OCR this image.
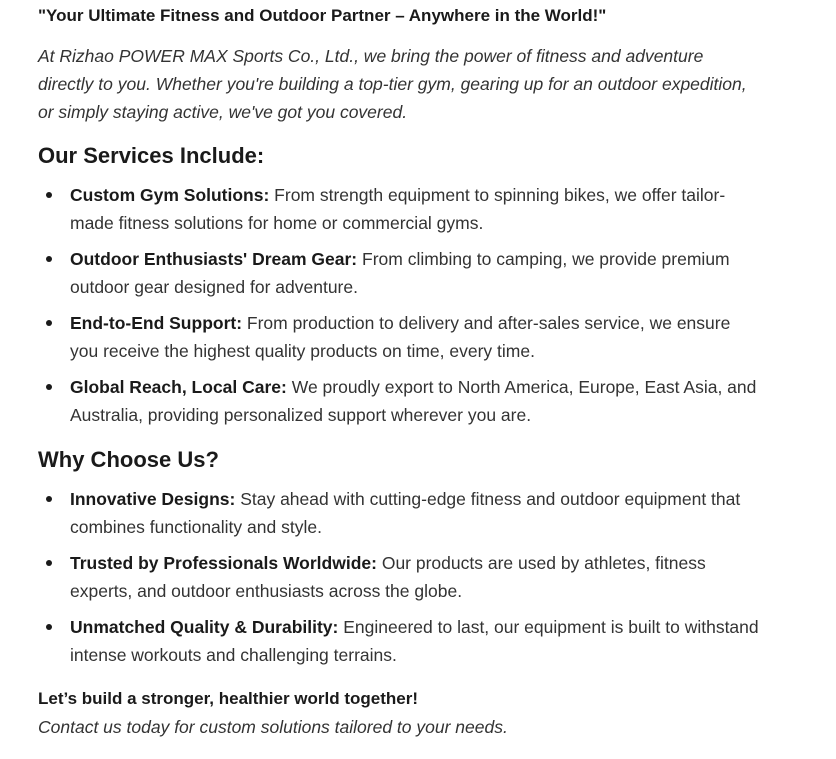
"Your Ultimate Fitness and Outdoor Partner – Anywhere in the World!"

At Rizhao POWER MAX Sports Co., Ltd., we bring the power of fitness and adventure directly to you. Whether you're building a top-tier gym, gearing up for an outdoor expedition, or simply staying active, we've got you covered.

Our Services Include:
Custom Gym Solutions: From strength equipment to spinning bikes, we offer tailor-made fitness solutions for home or commercial gyms.
Outdoor Enthusiasts' Dream Gear: From climbing to camping, we provide premium outdoor gear designed for adventure.
End-to-End Support: From production to delivery and after-sales service, we ensure you receive the highest quality products on time, every time.
Global Reach, Local Care: We proudly export to North America, Europe, East Asia, and Australia, providing personalized support wherever you are.
Why Choose Us?
Innovative Designs: Stay ahead with cutting-edge fitness and outdoor equipment that combines functionality and style.
Trusted by Professionals Worldwide: Our products are used by athletes, fitness experts, and outdoor enthusiasts across the globe.
Unmatched Quality & Durability: Engineered to last, our equipment is built to withstand intense workouts and challenging terrains.

Let’s build a stronger, healthier world together!

Contact us today for custom solutions tailored to your needs.
